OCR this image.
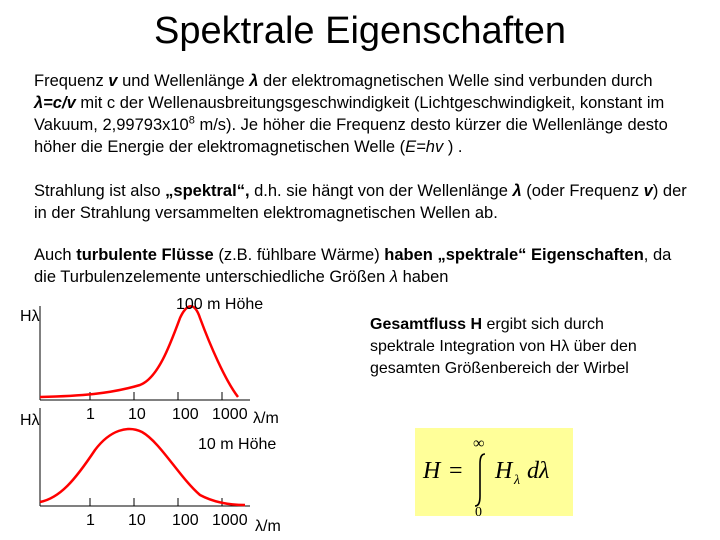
Spektrale Eigenschaften
Frequenz v und Wellenlänge λ der elektromagnetischen Welle sind verbunden durch λ=c/v mit c der Wellenausbreitungsgeschwindigkeit (Lichtgeschwindigkeit, konstant im Vakuum, $2,99793x10^8$ m/s). Je höher die Frequenz desto kürzer die Wellenlänge desto höher die Energie der elektromagnetischen Welle (E=hv ) .
Strahlung ist also „spektral“, d.h. sie hängt von der Wellenlänge λ (oder Frequenz v) der in der Strahlung versammelten elektromagnetischen Wellen ab.
Auch turbulente Flüsse (z.B. fühlbare Wärme) haben „spektrale“ Eigenschaften, da die Turbulenzelemente unterschiedliche Größen λ haben
Hλ
100 m Höhe
1 10 100 1000 λ/m
Hλ
10 m Höhe
1 10 100 1000 λ/m
Gesamtfluss H ergibt sich durch spektrale Integration von Hλ über den gesamten Größenbereich der Wirbel
H =
∞
0
H λ dλ
